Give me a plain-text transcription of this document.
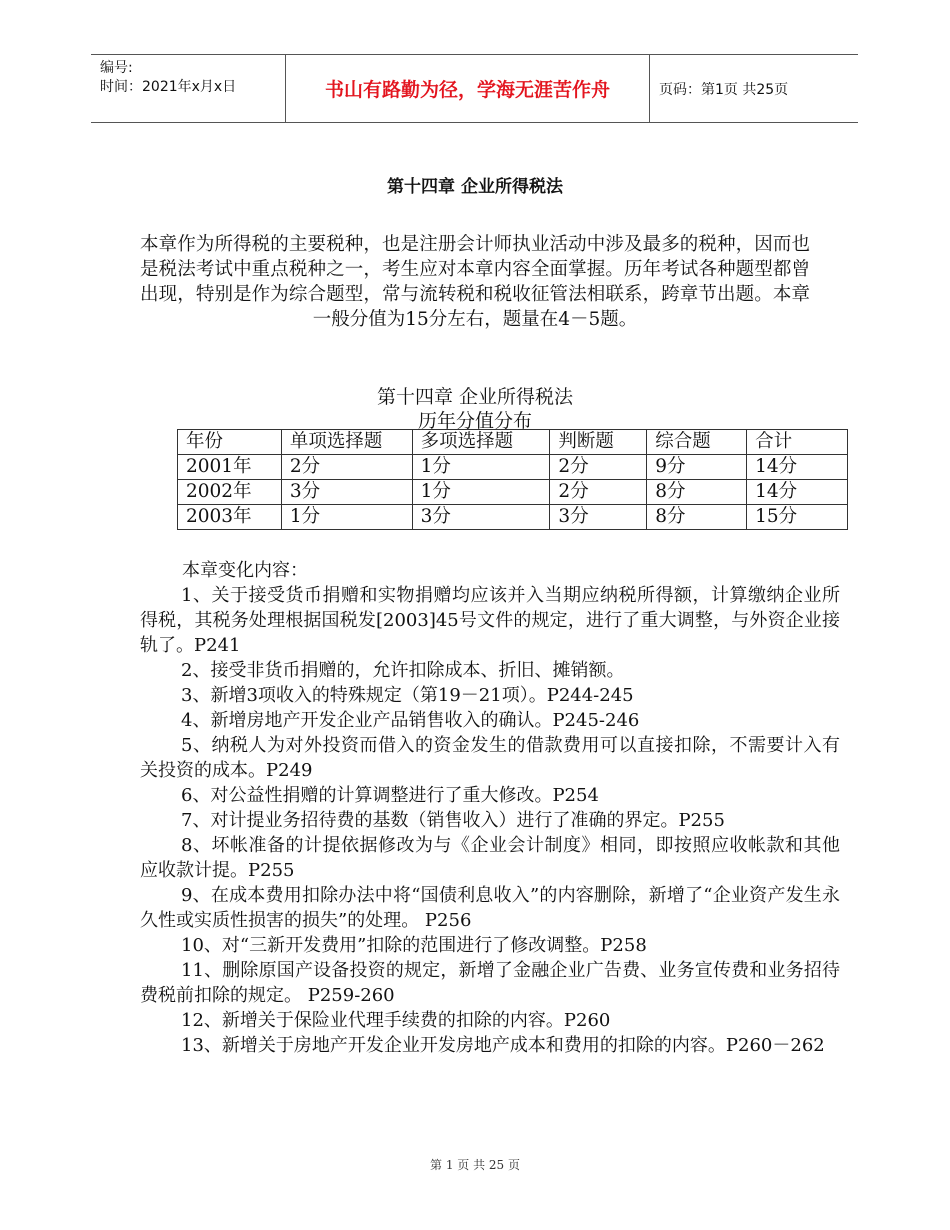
编号:
时间：2021年x月x日	书山有路勤为径，学海无涯苦作舟	页码：第1页 共25页
第十四章 企业所得税法
本章作为所得税的主要税种，也是注册会计师执业活动中涉及最多的税种，因而也是税法考试中重点税种之一，考生应对本章内容全面掌握。历年考试各种题型都曾出现，特别是作为综合题型，常与流转税和税收征管法相联系，跨章节出题。本章一般分值为15分左右，题量在4－5题。
第十四章 企业所得税法
历年分值分布
年份	单项选择题	多项选择题	判断题	综合题	合计
2001年	2分	1分	2分	9分	14分
2002年	3分	1分	2分	8分	14分
2003年	1分	3分	3分	8分	15分

本章变化内容：

1、关于接受货币捐赠和实物捐赠均应该并入当期应纳税所得额，计算缴纳企业所得税，其税务处理根据国税发[2003]45号文件的规定，进行了重大调整，与外资企业接轨了。P241

2、接受非货币捐赠的，允许扣除成本、折旧、摊销额。

3、新增3项收入的特殊规定（第19－21项）。P244-245

4、新增房地产开发企业产品销售收入的确认。P245-246

5、纳税人为对外投资而借入的资金发生的借款费用可以直接扣除，不需要计入有关投资的成本。P249

6、对公益性捐赠的计算调整进行了重大修改。P254

7、对计提业务招待费的基数（销售收入）进行了准确的界定。P255

8、坏帐准备的计提依据修改为与《企业会计制度》相同，即按照应收帐款和其他应收款计提。P255

9、在成本费用扣除办法中将“国债利息收入”的内容删除，新增了“企业资产发生永久性或实质性损害的损失”的处理。 P256

10、对“三新开发费用”扣除的范围进行了修改调整。P258

11、删除原国产设备投资的规定，新增了金融企业广告费、业务宣传费和业务招待费税前扣除的规定。 P259-260

12、新增关于保险业代理手续费的扣除的内容。P260

13、新增关于房地产开发企业开发房地产成本和费用的扣除的内容。P260－262

第 1 页 共 25 页
